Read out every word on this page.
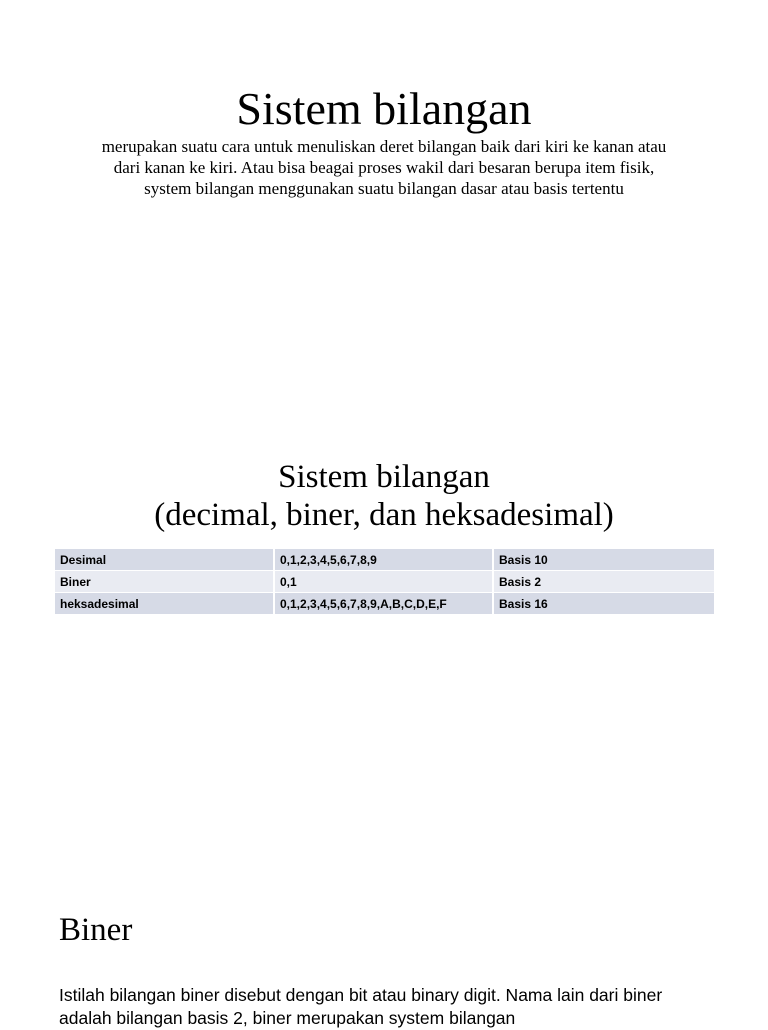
Sistem bilangan
merupakan suatu cara untuk menuliskan deret bilangan baik dari kiri ke kanan atau dari kanan ke kiri. Atau bisa beagai proses wakil dari besaran berupa item fisik, system bilangan menggunakan suatu bilangan dasar atau basis tertentu
Sistem bilangan
(decimal, biner, dan heksadesimal)
Desimal	0,1,2,3,4,5,6,7,8,9	Basis 10
Biner	0,1	Basis 2
heksadesimal	0,1,2,3,4,5,6,7,8,9,A,B,C,D,E,F	Basis 16
Biner
Istilah bilangan biner disebut dengan bit atau binary digit. Nama lain dari biner adalah bilangan basis 2, biner merupakan system bilangan
